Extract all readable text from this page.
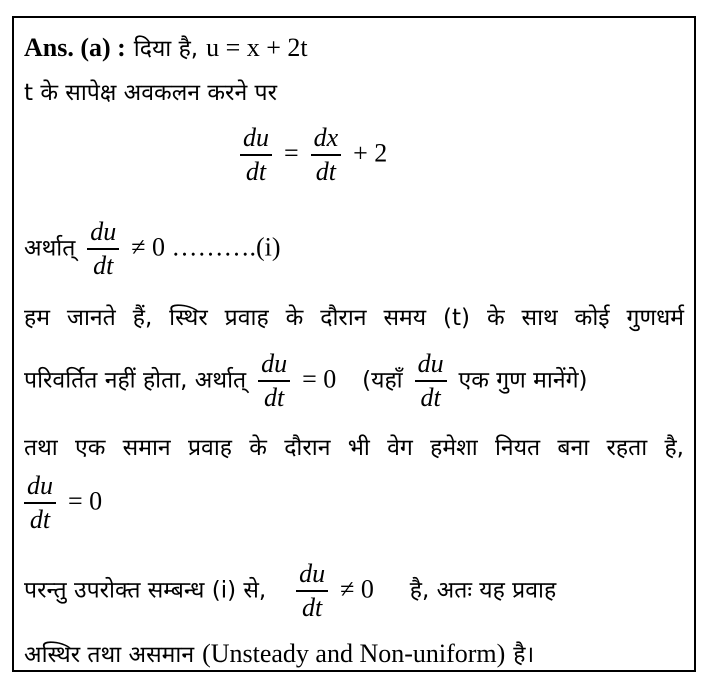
Ans. (a) : दिया है, u = x + 2t
t के सापेक्ष अवकलन करने पर
$\frac{du}{dt} = \frac{dx}{dt} + 2$
अर्थात् $\frac{du}{dt} \ne 0$ ……….(i)
हम जानते हैं, स्थिर प्रवाह के दौरान समय (t) के साथ कोई गुणधर्म
परिवर्तित नहीं होता, अर्थात् $\frac{du}{dt} = 0$ (यहाँ $\frac{du}{dt}$ एक गुण मानेंगे)
तथा एक समान प्रवाह के दौरान भी वेग हमेशा नियत बना रहता है,
$\frac{du}{dt} = 0$
परन्तु उपरोक्त सम्बन्ध (i) से, $\frac{du}{dt} \ne 0$ है, अतः यह प्रवाह
अस्थिर तथा असमान (Unsteady and Non-uniform) है।
